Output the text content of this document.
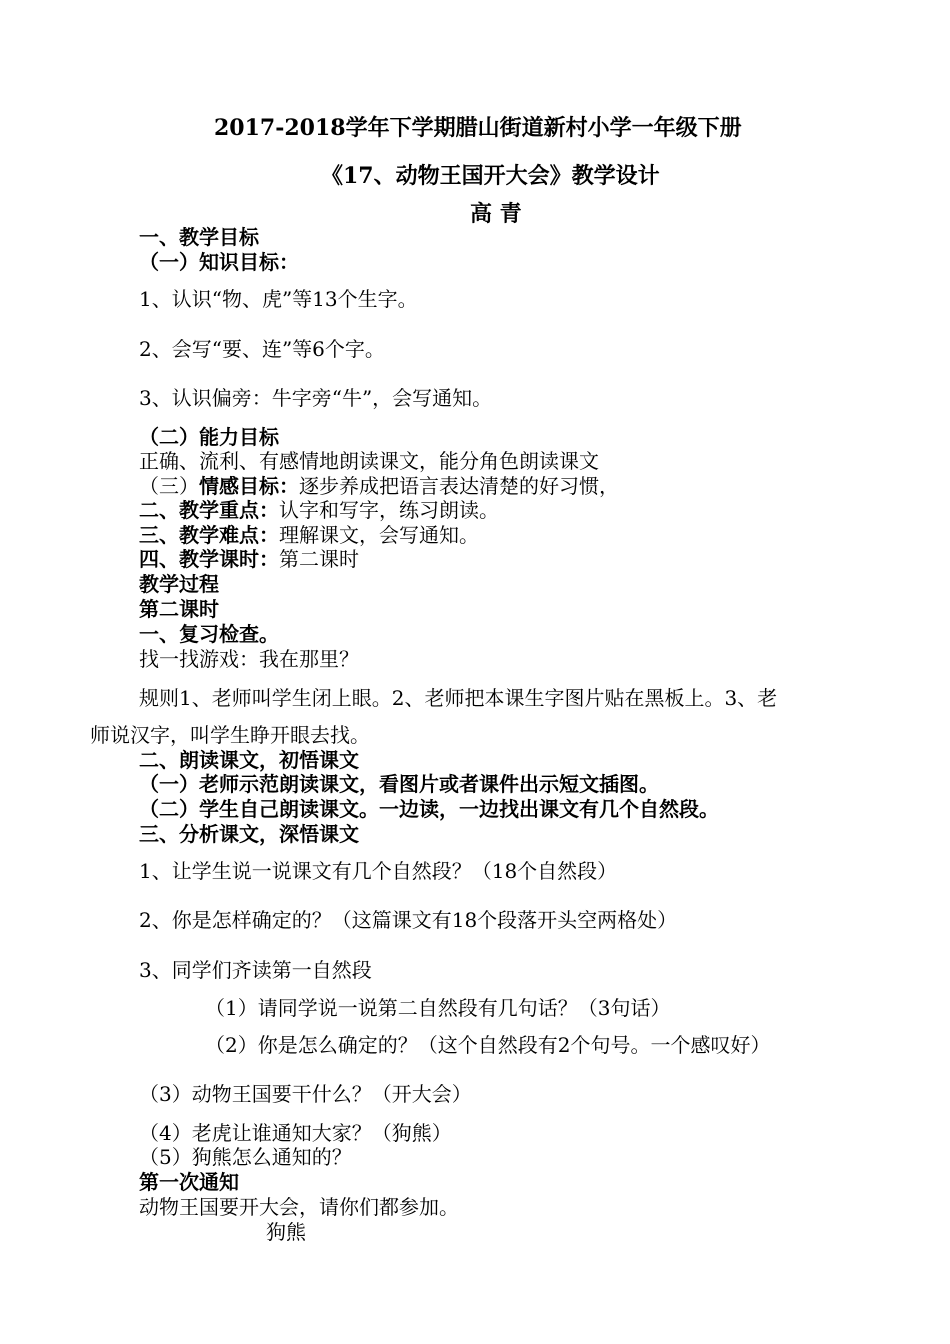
2017-2018学年下学期腊山街道新村小学一年级下册
《17、动物王国开大会》教学设计
高 青
一、教学目标
（一）知识目标：
1、认识“物、虎”等13个生字。
2、会写“要、连”等6个字。
3、认识偏旁：牛字旁“牛”，会写通知。
（二）能力目标
正确、流利、有感情地朗读课文，能分角色朗读课文
（三）情感目标：逐步养成把语言表达清楚的好习惯，
二、教学重点：认字和写字，练习朗读。
三、教学难点：理解课文，会写通知。
四、教学课时：第二课时
教学过程
第二课时
一、复习检查。
找一找游戏：我在那里？
规则1、老师叫学生闭上眼。2、老师把本课生字图片贴在黑板上。3、老
师说汉字，叫学生睁开眼去找。
二、朗读课文，初悟课文
（一）老师示范朗读课文，看图片或者课件出示短文插图。
（二）学生自己朗读课文。一边读，一边找出课文有几个自然段。
三、分析课文，深悟课文
1、让学生说一说课文有几个自然段？（18个自然段）
2、你是怎样确定的？（这篇课文有18个段落开头空两格处）
3、同学们齐读第一自然段
（1）请同学说一说第二自然段有几句话？（3句话）
（2）你是怎么确定的？（这个自然段有2个句号。一个感叹好）
（3）动物王国要干什么？（开大会）
（4）老虎让谁通知大家？（狗熊）
（5）狗熊怎么通知的？
第一次通知
动物王国要开大会，请你们都参加。
狗熊
